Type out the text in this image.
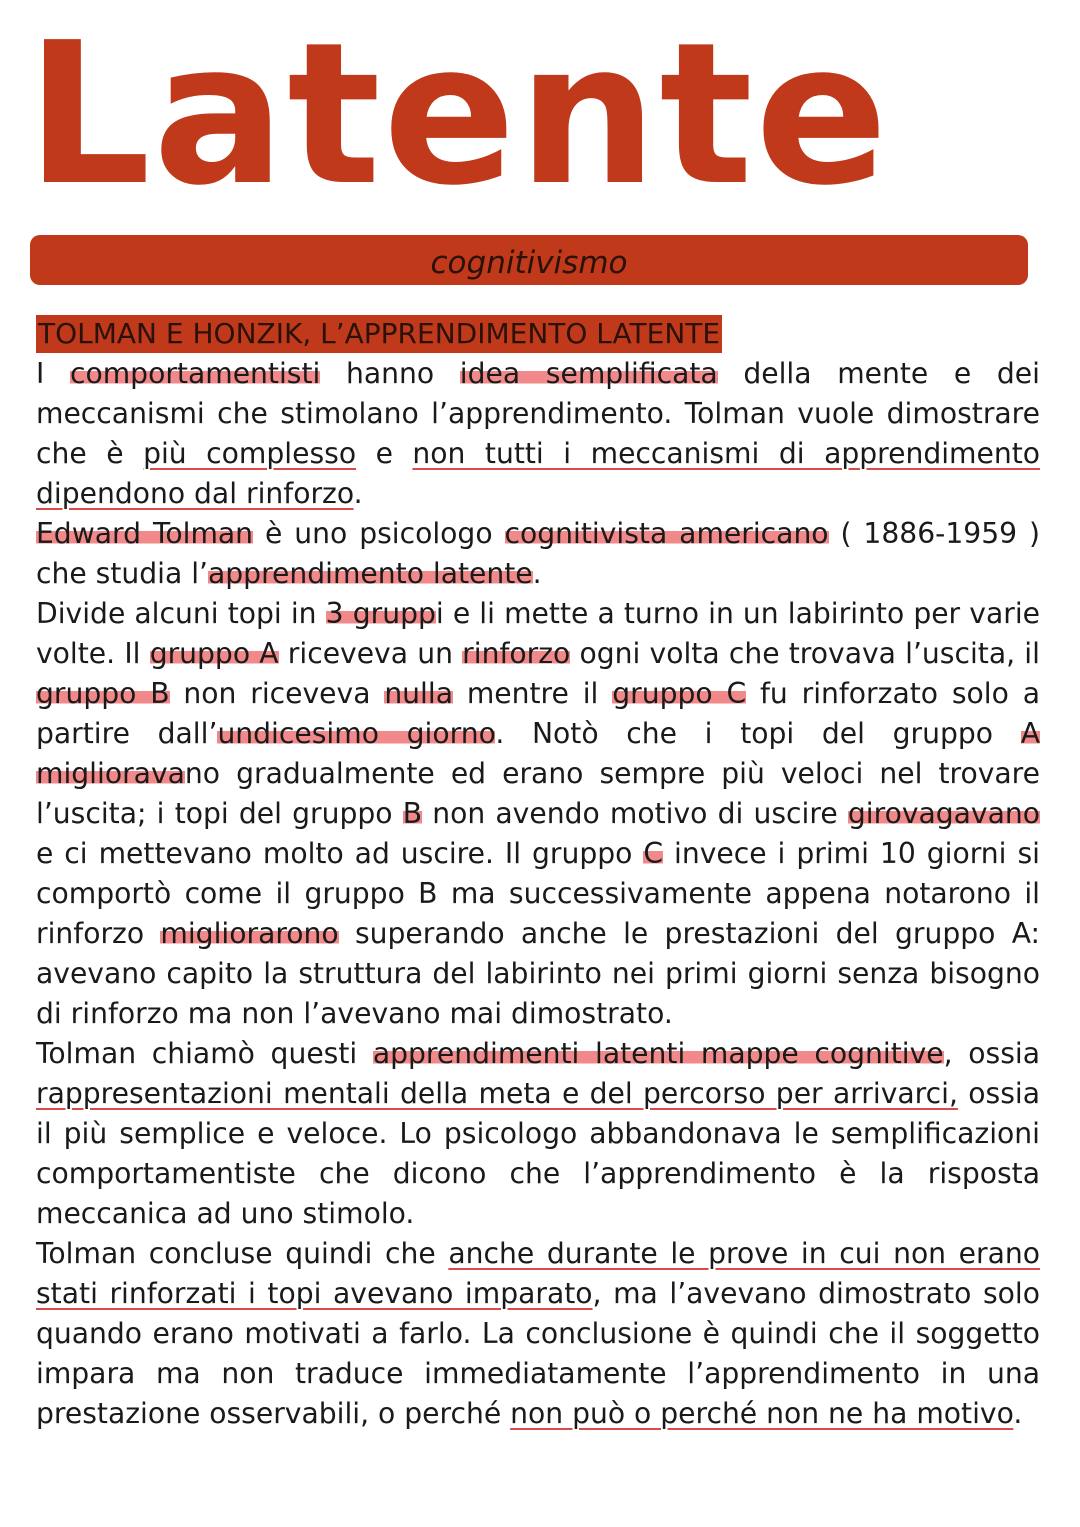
Latente
cognitivismo
TOLMAN E HONZIK, L’APPRENDIMENTO LATENTE

I comportamentisti hanno idea semplificata della mente e dei meccanismi che stimolano l’apprendimento. Tolman vuole dimostrare che è più complesso e non tutti i meccanismi di apprendimento dipendono dal rinforzo.

Edward Tolman è uno psicologo cognitivista americano ( 1886-1959 ) che studia l’apprendimento latente.

Divide alcuni topi in 3 gruppi e li mette a turno in un labirinto per varie volte. Il gruppo A riceveva un rinforzo ogni volta che trovava l’uscita, il gruppo B non riceveva nulla mentre il gruppo C fu rinforzato solo a partire dall’undicesimo giorno. Notò che i topi del gruppo A miglioravano gradualmente ed erano sempre più veloci nel trovare l’uscita; i topi del gruppo B non avendo motivo di uscire girovagavano e ci mettevano molto ad uscire. Il gruppo C invece i primi 10 giorni si comportò come il gruppo B ma successivamente appena notarono il rinforzo migliorarono superando anche le prestazioni del gruppo A: avevano capito la struttura del labirinto nei primi giorni senza bisogno di rinforzo ma non l’avevano mai dimostrato.

Tolman chiamò questi apprendimenti latenti mappe cognitive, ossia rappresentazioni mentali della meta e del percorso per arrivarci, ossia il più semplice e veloce. Lo psicologo abbandonava le semplificazioni comportamentiste che dicono che l’apprendimento è la risposta meccanica ad uno stimolo.

Tolman concluse quindi che anche durante le prove in cui non erano stati rinforzati i topi avevano imparato, ma l’avevano dimostrato solo quando erano motivati a farlo. La conclusione è quindi che il soggetto impara ma non traduce immediatamente l’apprendimento in una prestazione osservabili, o perché non può o perché non ne ha motivo.
